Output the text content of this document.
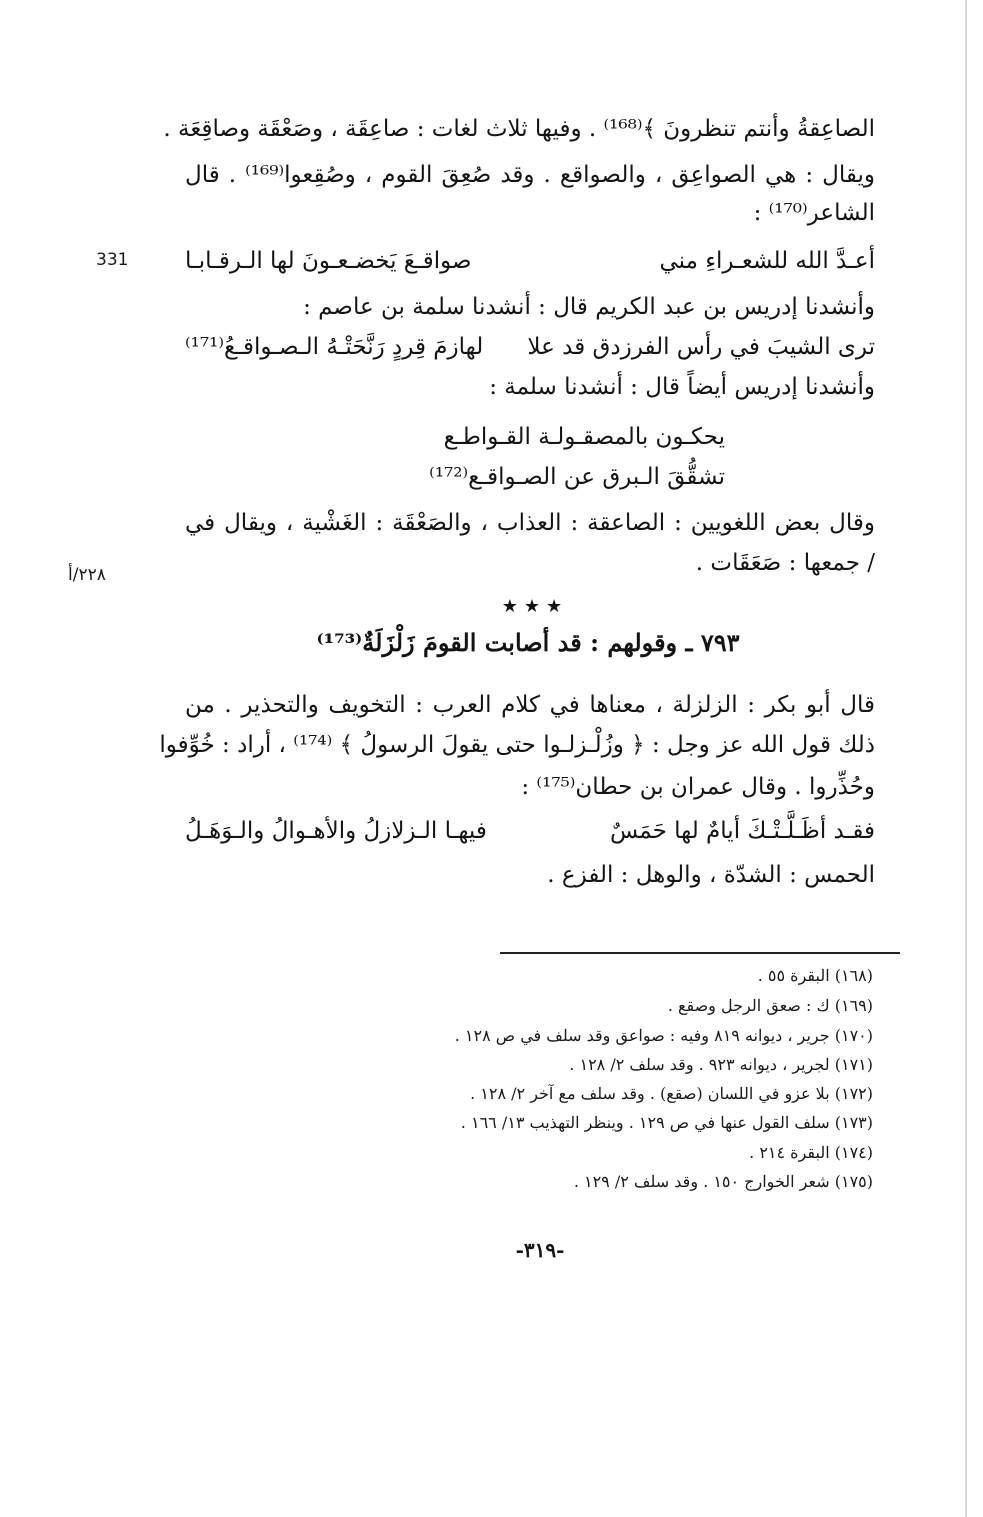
331
٢٢٨/أ
الصاعِقةُ وأنتم تنظرونَ ﴾⁽¹⁶⁸⁾ . وفيها ثلاث لغات : صاعِقَة ، وصَعْقَة وصاقِعَة .
ويقال : هي الصواعِق ، والصواقع . وقد صُعِقَ القوم ، وصُقِعوا⁽¹⁶⁹⁾ . قال
الشاعر⁽¹⁷⁰⁾ :
أعـدَّ الله للشعـراءِ مني
صواقـعَ يَخضـعـونَ لها الـرقـابـا
وأنشدنا إدريس بن عبد الكريم قال : أنشدنا سلمة بن عاصم :
ترى الشيبَ في رأس الفرزدق قد علا
لهازمَ قِردٍ رَنَّحَتْـهُ الـصـواقـعُ⁽¹⁷¹⁾
وأنشدنا إدريس أيضاً قال : أنشدنا سلمة :
يحكـون بالمصقـولـة القـواطـع
تشقُّقَ الـبرق عن الصـواقـع⁽¹⁷²⁾
وقال بعض اللغويين : الصاعقة : العذاب ، والصَعْقَة : الغَشْية ، ويقال في
/ جمعها : صَعَقَات .
★★★
٧٩٣ ـ وقولهم : قد أصابت القومَ زَلْزَلَةٌ⁽¹⁷³⁾
قال أبو بكر : الزلزلة ، معناها في كلام العرب : التخويف والتحذير . من
ذلك قول الله عز وجل : ﴿ وزُلْـزلـوا حتى يقولَ الرسولُ ﴾ ⁽¹⁷⁴⁾ ، أراد : خُوِّفوا
وحُذِّروا . وقال عمران بن حطان⁽¹⁷⁵⁾ :
فقـد أظَـلَّـتْـكَ أيامٌ لها حَمَسٌ
فيهـا الـزلازلُ والأهـوالُ والـوَهَـلُ
الحمس : الشدّة ، والوهل : الفزع .
(١٦٨) البقرة ٥٥ .
(١٦٩) ك : صعق الرجل وصقع .
(١٧٠) جرير ، ديوانه ٨١٩ وفيه : صواعق وقد سلف في ص ١٢٨ .
(١٧١) لجرير ، ديوانه ٩٢٣ . وقد سلف ٢/ ١٢٨ .
(١٧٢) بلا عزو في اللسان (صقع) . وقد سلف مع آخر ٢/ ١٢٨ .
(١٧٣) سلف القول عنها في ص ١٢٩ . وينظر التهذيب ١٣/ ١٦٦ .
(١٧٤) البقرة ٢١٤ .
(١٧٥) شعر الخوارج ١٥٠ . وقد سلف ٢/ ١٢٩ .
-٣١٩-
